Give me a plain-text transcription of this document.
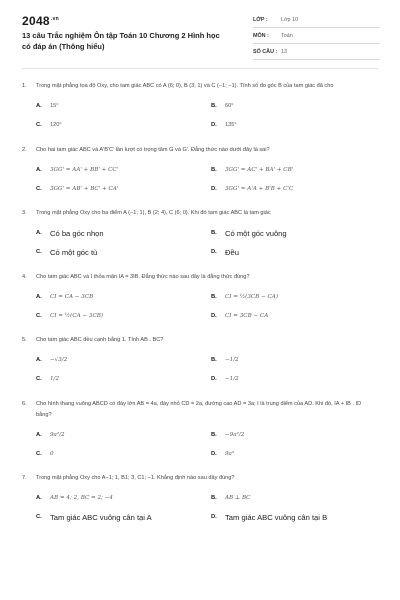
$2048^{.vn}$
13 câu Trắc nghiệm Ôn tập Toán 10 Chương 2 Hình học có đáp án (Thông hiểu)
LỚP :	Lớp 10
MÔN :	Toán
SỐ CÂU : 13
1.	Trong mặt phẳng tọa độ Oxy, cho tam giác ABC có A (6; 0), B (3; 1) và C (−1; −1). Tính số đo góc B của tam giác đã cho
A.	15°	B.	60°
C.	120°	D.	135°
2.	Cho hai tam giác ABC và A'B'C' lần lượt có trọng tâm G và G'. Đẳng thức nào dưới đây là sai?
A.	3GG' = AA' + BB' + CC'	B.	3GG' = AC' + BA' + CB'
C.	3GG' = AB' + BC' + CA'	D.	3GG' = A'A + B'B + C'C
3.	Trong mặt phẳng Oxy cho ba điểm A (−1; 1), B (2; 4), C (6; 0). Khi đó tam giác ABC là tam giác
A.	Có ba góc nhọn	B.	Có một góc vuông
C.	Có một góc tù	D.	Đều
4.	Cho tam giác ABC và I thỏa mãn IA = 3IB. Đẳng thức nào sau đây là đẳng thức đúng?
A.	CI = CA − 3CB	B.	CI = ½(3CB − CA)
C.	CI = ½(CA − 3CB)	D.	CI = 3CB − CA
5.	Cho tam giác ABC đều cạnh bằng 1. Tính AB . BC?
A.	−√3/2	B.	−1/2
C.	1/2	D.	−1/2
6.	Cho hình thang vuông ABCD có đáy lớn AB = 4a, đáy nhỏ CD = 2a, đường cao AD = 3a; I là trung điểm của AD. Khi đó, IA + IB . ID bằng?
A.	9a²/2	B.	−9a²/2
C.	0	D.	9a²
7.	Trong mặt phẳng Oxy cho A−1; 1, B1; 3, C1; −1. Khẳng định nào sau đây đúng?
A.	AB = 4; 2, BC = 2; −4	B.	AB ⊥ BC
C.	Tam giác ABC vuông cân tại A	D.	Tam giác ABC vuông cân tại B
